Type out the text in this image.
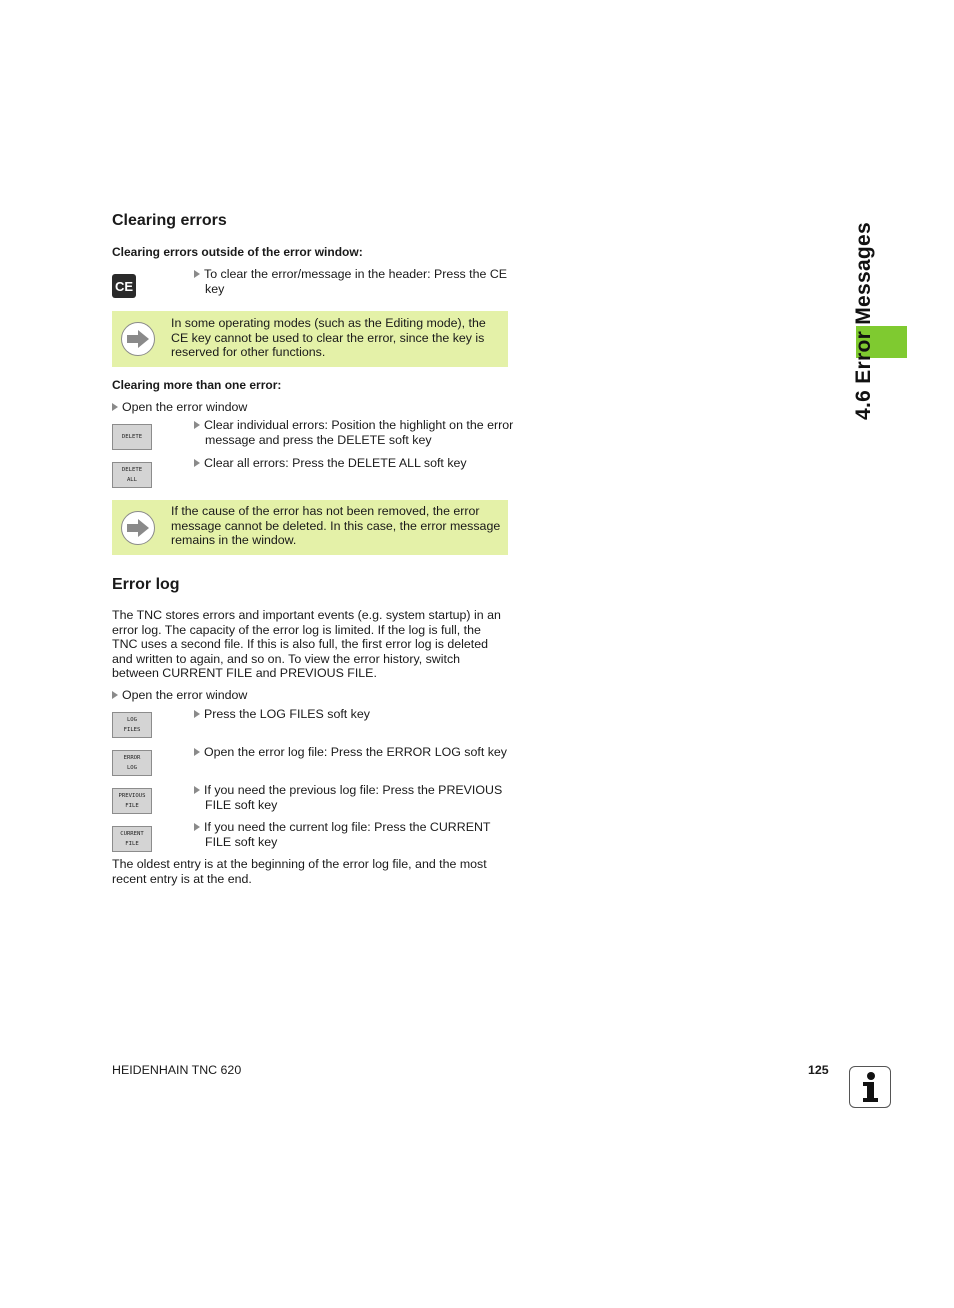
4.6 Error Messages
Clearing errors
Clearing errors outside of the error window:
CE
To clear the error/message in the header: Press the CE key
In some operating modes (such as the Editing mode), the CE key cannot be used to clear the error, since the key is reserved for other functions.
Clearing more than one error:
Open the error window
DELETE
Clear individual errors: Position the highlight on the error message and press the DELETE soft key
DELETE
ALL
Clear all errors: Press the DELETE ALL soft key
If the cause of the error has not been removed, the error message cannot be deleted. In this case, the error message remains in the window.
Error log
The TNC stores errors and important events (e.g. system startup) in an error log. The capacity of the error log is limited. If the log is full, the TNC uses a second file. If this is also full, the first error log is deleted and written to again, and so on. To view the error history, switch between CURRENT FILE and PREVIOUS FILE.
Open the error window
LOG
FILES
Press the LOG FILES soft key
ERROR
LOG
Open the error log file: Press the ERROR LOG soft key
PREVIOUS
FILE
If you need the previous log file: Press the PREVIOUS FILE soft key
CURRENT
FILE
If you need the current log file: Press the CURRENT FILE soft key
The oldest entry is at the beginning of the error log file, and the most recent entry is at the end.
HEIDENHAIN TNC 620	125
